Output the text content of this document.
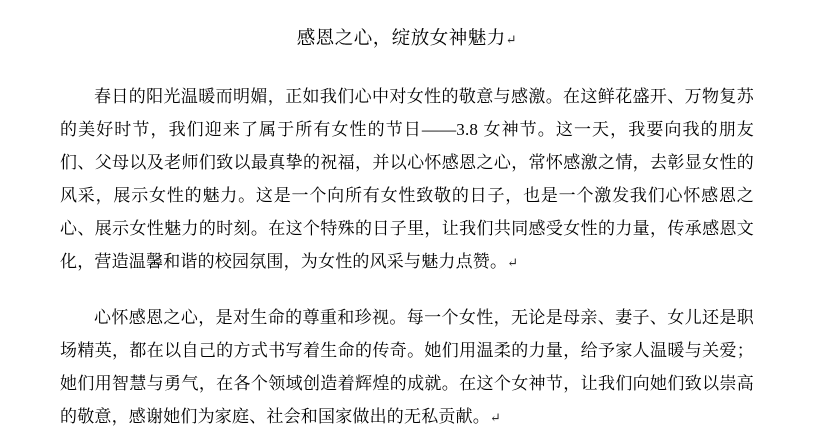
感恩之心，绽放女神魅力↵

春日的阳光温暖而明媚，正如我们心中对女性的敬意与感激。在这鲜花盛开、万物复苏的美好时节，我们迎来了属于所有女性的节日——3.8 女神节。这一天，我要向我的朋友们、父母以及老师们致以最真挚的祝福，并以心怀感恩之心，常怀感激之情，去彰显女性的风采，展示女性的魅力。这是一个向所有女性致敬的日子，也是一个激发我们心怀感恩之心、展示女性魅力的时刻。在这个特殊的日子里，让我们共同感受女性的力量，传承感恩文化，营造温馨和谐的校园氛围，为女性的风采与魅力点赞。↵

心怀感恩之心，是对生命的尊重和珍视。每一个女性，无论是母亲、妻子、女儿还是职场精英，都在以自己的方式书写着生命的传奇。她们用温柔的力量，给予家人温暖与关爱；她们用智慧与勇气，在各个领域创造着辉煌的成就。在这个女神节，让我们向她们致以崇高的敬意，感谢她们为家庭、社会和国家做出的无私贡献。↵
